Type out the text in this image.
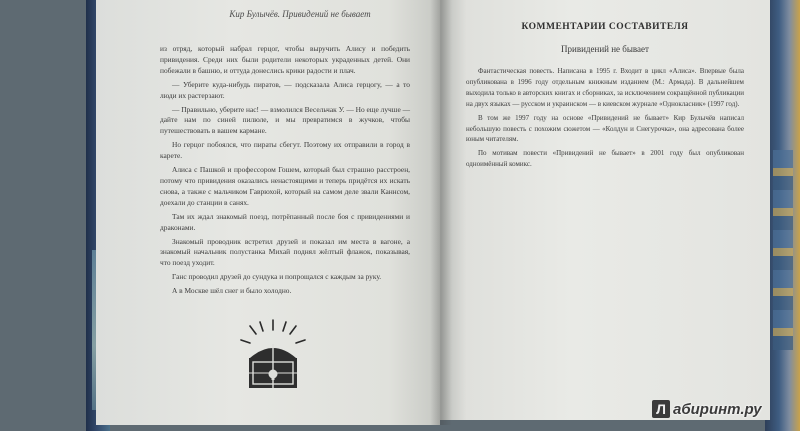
Кир Булычёв. Привидений не бывает

из отряд, который набрал герцог, чтобы выручить Алису и победить привидения. Среди них были родители некоторых украденных детей. Они побежали в башню, и оттуда донеслись крики радости и плач.

— Уберите куда-нибудь пиратов, — подсказала Алиса герцогу, — а то люди их растерзают.

— Правильно, уберите нас! — взмолился Весельчак У. — Но еще лучше — дайте нам по синей пилюле, и мы превратимся в жучков, чтобы путешествовать в вашем кармане.

Но герцог побоялся, что пираты сбегут. Поэтому их отправили в город в карете.

Алиса с Пашкой и профессором Гошем, который был страшно расстроен, потому что привидения оказались ненастоящими и теперь придётся их искать снова, а также с мальчиком Гаврюхой, который на самом деле звали Каннсом, доехали до станции в санях.

Там их ждал знакомый поезд, потрёпанный после боя с привидениями и драконами.

Знакомый проводник встретил друзей и показал им места в вагоне, а знакомый начальник полустанка Михай поднял жёлтый флажок, показывая, что поезд уходит.

Ганс проводил друзей до сундука и попрощался с каждым за руку.

А в Москве шёл снег и было холодно.

КОММЕНТАРИИ СОСТАВИТЕЛЯ
Привидений не бывает

Фантастическая повесть. Написана в 1995 г. Входит в цикл «Алиса». Впервые была опубликована в 1996 году отдельным книжным изданием (М.: Армада). В дальнейшем выходила только в авторских книгах и сборниках, за исключением сокращённой публикации на двух языках — русском и украинском — в киевском журнале «Однокласник» (1997 год).

В том же 1997 году на основе «Привидений не бывает» Кир Булычёв написал небольшую повесть с похожим сюжетом — «Колдун и Снегурочка», она адресована более юным читателям.

По мотивам повести «Привидений не бывает» в 2001 году был опубликован одноимённый комикс.

Л абиринт.ру
